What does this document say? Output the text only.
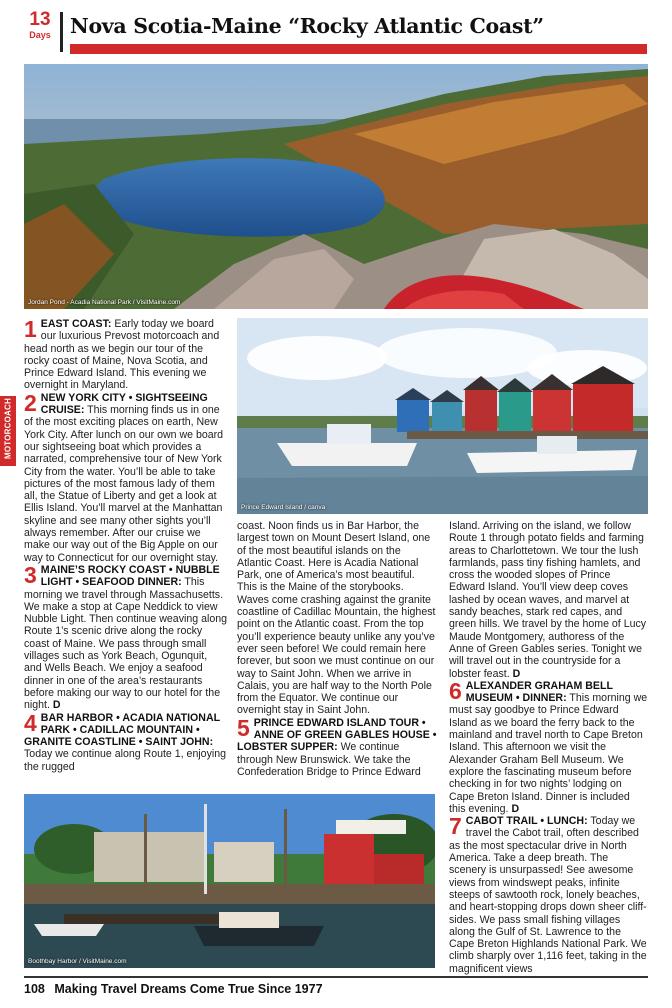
13
Days Nova Scotia-Maine “Rocky Atlantic Coast”
Jordan Pond - Acadia National Park / VisitMaine.com
MOTORCOACH
Prince Edward Island / canva
Boothbay Harbor / VisitMaine.com

1 EAST COAST: Early today we board our luxurious Prevost motorcoach and head north as we begin our tour of the rocky coast of Maine, Nova Scotia, and Prince Edward Island. This evening we overnight in Maryland.

2 NEW YORK CITY • SIGHTSEEING CRUISE: This morning finds us in one of the most exciting places on earth, New York City. After lunch on our own we board our sightseeing boat which provides a narrated, comprehensive tour of New York City from the water. You’ll be able to take pictures of the most famous lady of them all, the Statue of Liberty and get a look at Ellis Island. You’ll marvel at the Manhattan skyline and see many other sights you’ll always remember. After our cruise we make our way out of the Big Apple on our way to Connecticut for our overnight stay.

3 MAINE’S ROCKY COAST • NUBBLE LIGHT • SEAFOOD DINNER: This morning we travel through Massachusetts. We make a stop at Cape Neddick to view Nubble Light. Then continue weaving along Route 1’s scenic drive along the rocky coast of Maine. We pass through small villages such as York Beach, Ogunquit, and Wells Beach. We enjoy a seafood dinner in one of the area’s restaurants before making our way to our hotel for the night. D

4 BAR HARBOR • ACADIA NATIONAL PARK • CADILLAC MOUNTAIN • GRANITE COASTLINE • SAINT JOHN: Today we continue along Route 1, enjoying the rugged

coast. Noon finds us in Bar Harbor, the largest town on Mount Desert Island, one of the most beautiful islands on the Atlantic Coast. Here is Acadia National Park, one of America’s most beautiful. This is the Maine of the storybooks. Waves come crashing against the granite coastline of Cadillac Mountain, the highest point on the Atlantic coast. From the top you’ll experience beauty unlike any you’ve ever seen before! We could remain here forever, but soon we must continue on our way to Saint John. When we arrive in Calais, you are half way to the North Pole from the Equator. We continue our overnight stay in Saint John.

5 PRINCE EDWARD ISLAND TOUR • ANNE OF GREEN GABLES HOUSE • LOBSTER SUPPER: We continue through New Brunswick. We take the Confederation Bridge to Prince Edward

Island. Arriving on the island, we follow Route 1 through potato fields and farming areas to Charlottetown. We tour the lush farmlands, pass tiny fishing hamlets, and cross the wooded slopes of Prince Edward Island. You’ll view deep coves lashed by ocean waves, and marvel at sandy beaches, stark red capes, and green hills. We travel by the home of Lucy Maude Montgomery, authoress of the Anne of Green Gables series. Tonight we will travel out in the countryside for a lobster feast. D

6 ALEXANDER GRAHAM BELL MUSEUM • DINNER: This morning we must say goodbye to Prince Edward Island as we board the ferry back to the mainland and travel north to Cape Breton Island. This afternoon we visit the Alexander Graham Bell Museum. We explore the fascinating museum before checking in for two nights’ lodging on Cape Breton Island. Dinner is included this evening. D

7 CABOT TRAIL • LUNCH: Today we travel the Cabot trail, often described as the most spectacular drive in North America. Take a deep breath. The scenery is unsurpassed! See awesome views from windswept peaks, infinite steeps of sawtooth rock, lonely beaches, and heart-stopping drops down sheer cliff-sides. We pass small fishing villages along the Gulf of St. Lawrence to the Cape Breton Highlands National Park. We climb sharply over 1,116 feet, taking in the magnificent views

108 Making Travel Dreams Come True Since 1977
